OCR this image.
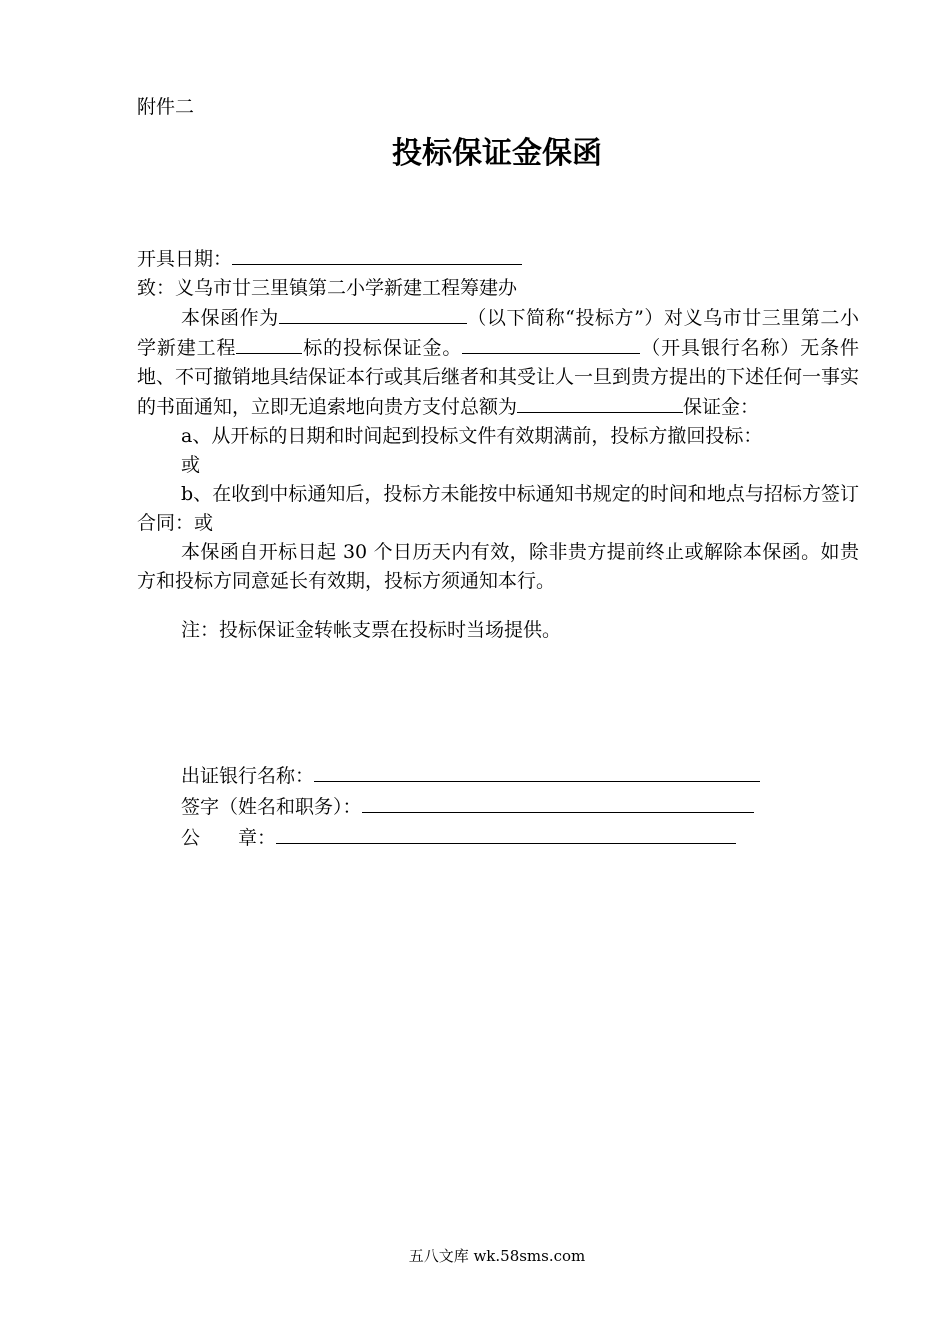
附件二
投标保证金保函

开具日期：

致：义乌市廿三里镇第二小学新建工程筹建办

本保函作为	（以下简称“投标方”）对义乌市廿三里第二小学新建工程	标的投标保证金。	（开具银行名称）无条件地、不可撤销地具结保证本行或其后继者和其受让人一旦到贵方提出的下述任何一事实的书面通知，立即无追索地向贵方支付总额为	保证金：

a、从开标的日期和时间起到投标文件有效期满前，投标方撤回投标：

或

b、在收到中标通知后，投标方未能按中标通知书规定的时间和地点与招标方签订合同：或

本保函自开标日起 30 个日历天内有效，除非贵方提前终止或解除本保函。如贵方和投标方同意延长有效期，投标方须通知本行。

注：投标保证金转帐支票在投标时当场提供。

出证银行名称：

签字（姓名和职务）：

公　　章：

五八文库 wk.58sms.com
